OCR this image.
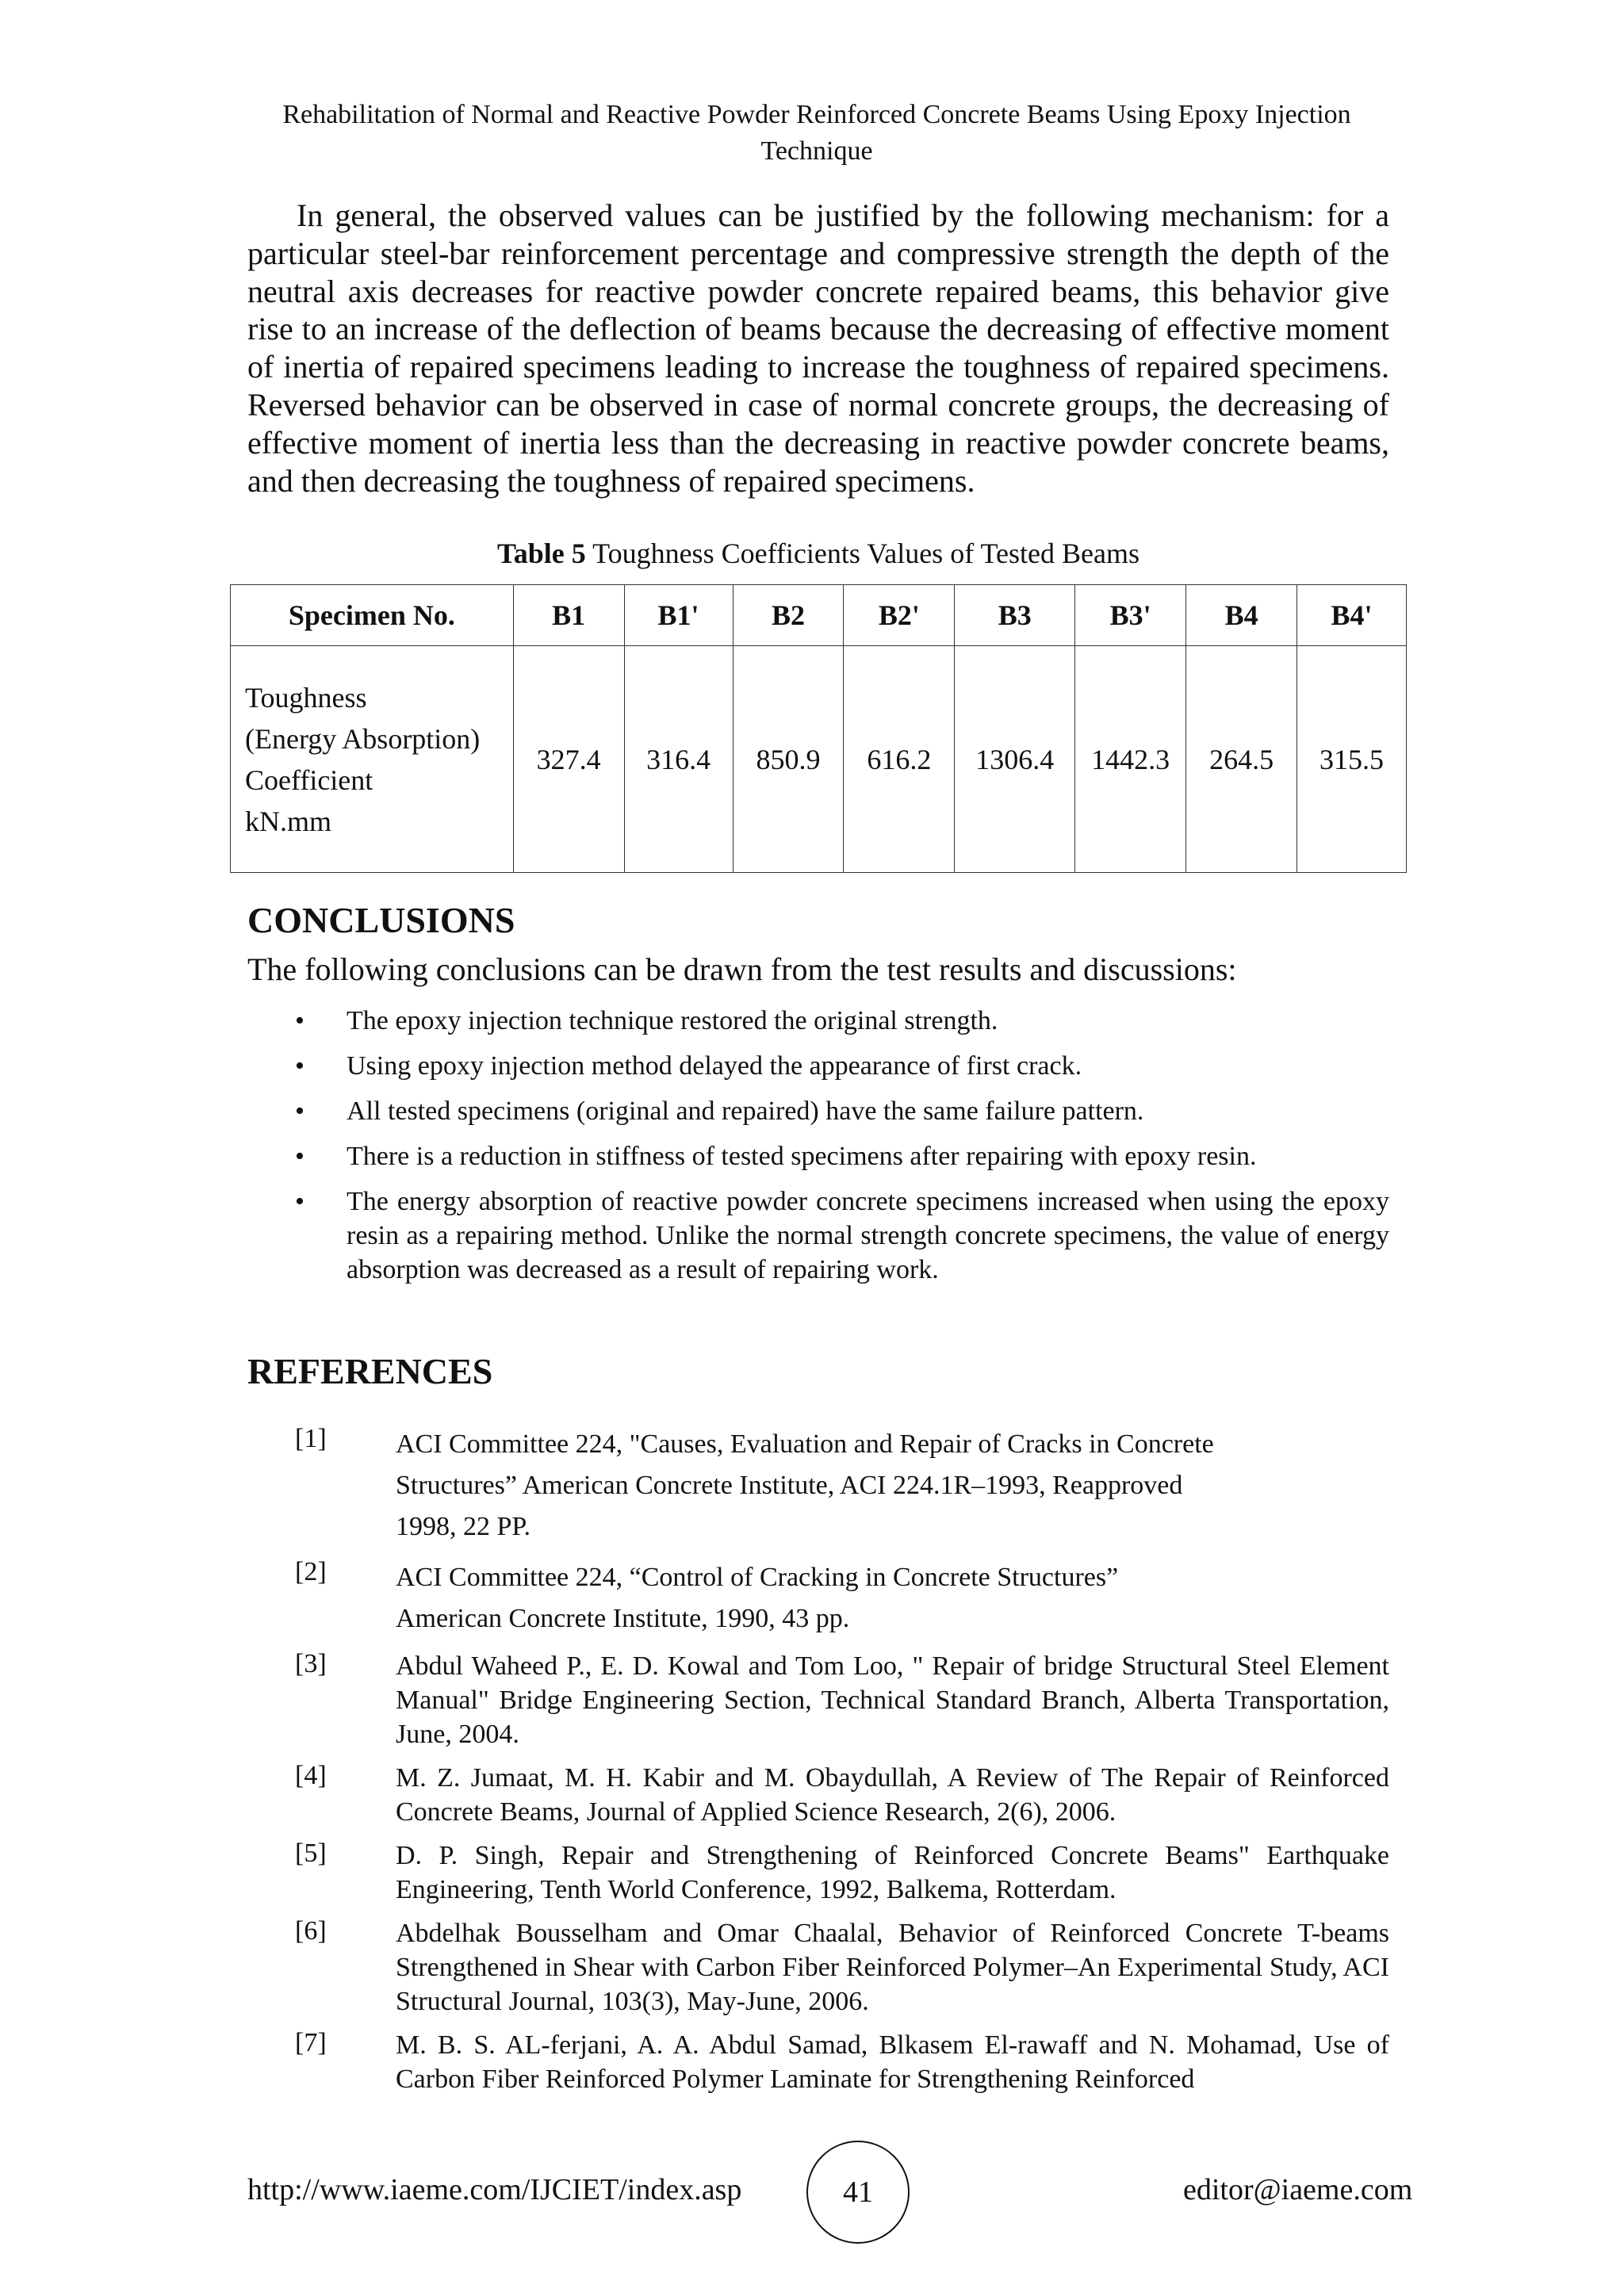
Rehabilitation of Normal and Reactive Powder Reinforced Concrete Beams Using Epoxy Injection Technique

In general, the observed values can be justified by the following mechanism: for a particular steel-bar reinforcement percentage and compressive strength the depth of the neutral axis decreases for reactive powder concrete repaired beams, this behavior give rise to an increase of the deflection of beams because the decreasing of effective moment of inertia of repaired specimens leading to increase the toughness of repaired specimens. Reversed behavior can be observed in case of normal concrete groups, the decreasing of effective moment of inertia less than the decreasing in reactive powder concrete beams, and then decreasing the toughness of repaired specimens.

Table 5 Toughness Coefficients Values of Tested Beams
Specimen No.	B1	B1'	B2	B2'	B3	B3'	B4	B4'

Toughness
(Energy Absorption)
Coefficient
kN.mm	327.4	316.4	850.9	616.2	1306.4	1442.3	264.5	315.5
CONCLUSIONS
The following conclusions can be drawn from the test results and discussions:
• The epoxy injection technique restored the original strength.
• Using epoxy injection method delayed the appearance of first crack.
• All tested specimens (original and repaired) have the same failure pattern.
• There is a reduction in stiffness of tested specimens after repairing with epoxy resin.
• The energy absorption of reactive powder concrete specimens increased when using the epoxy resin as a repairing method. Unlike the normal strength concrete specimens, the value of energy absorption was decreased as a result of repairing work.
REFERENCES
[1]	ACI Committee 224, "Causes, Evaluation and Repair of Cracks in Concrete Structures” American Concrete Institute, ACI 224.1R–1993, Reapproved 1998, 22 PP.
[2]	ACI Committee 224, “Control of Cracking in Concrete Structures” American Concrete Institute, 1990, 43 pp.
[3]	Abdul Waheed P., E. D. Kowal and Tom Loo, " Repair of bridge Structural Steel Element Manual" Bridge Engineering Section, Technical Standard Branch, Alberta Transportation, June, 2004.
[4]	M. Z. Jumaat, M. H. Kabir and M. Obaydullah, A Review of The Repair of Reinforced Concrete Beams, Journal of Applied Science Research, 2(6), 2006.
[5]	D. P. Singh, Repair and Strengthening of Reinforced Concrete Beams" Earthquake Engineering, Tenth World Conference, 1992, Balkema, Rotterdam.
[6]	Abdelhak Bousselham and Omar Chaalal, Behavior of Reinforced Concrete T-beams Strengthened in Shear with Carbon Fiber Reinforced Polymer–An Experimental Study, ACI Structural Journal, 103(3), May-June, 2006.
[7]	M. B. S. AL-ferjani, A. A. Abdul Samad, Blkasem El-rawaff and N. Mohamad, Use of Carbon Fiber Reinforced Polymer Laminate for Strengthening Reinforced
http://www.iaeme.com/IJCIET/index.asp	41	editor@iaeme.com
